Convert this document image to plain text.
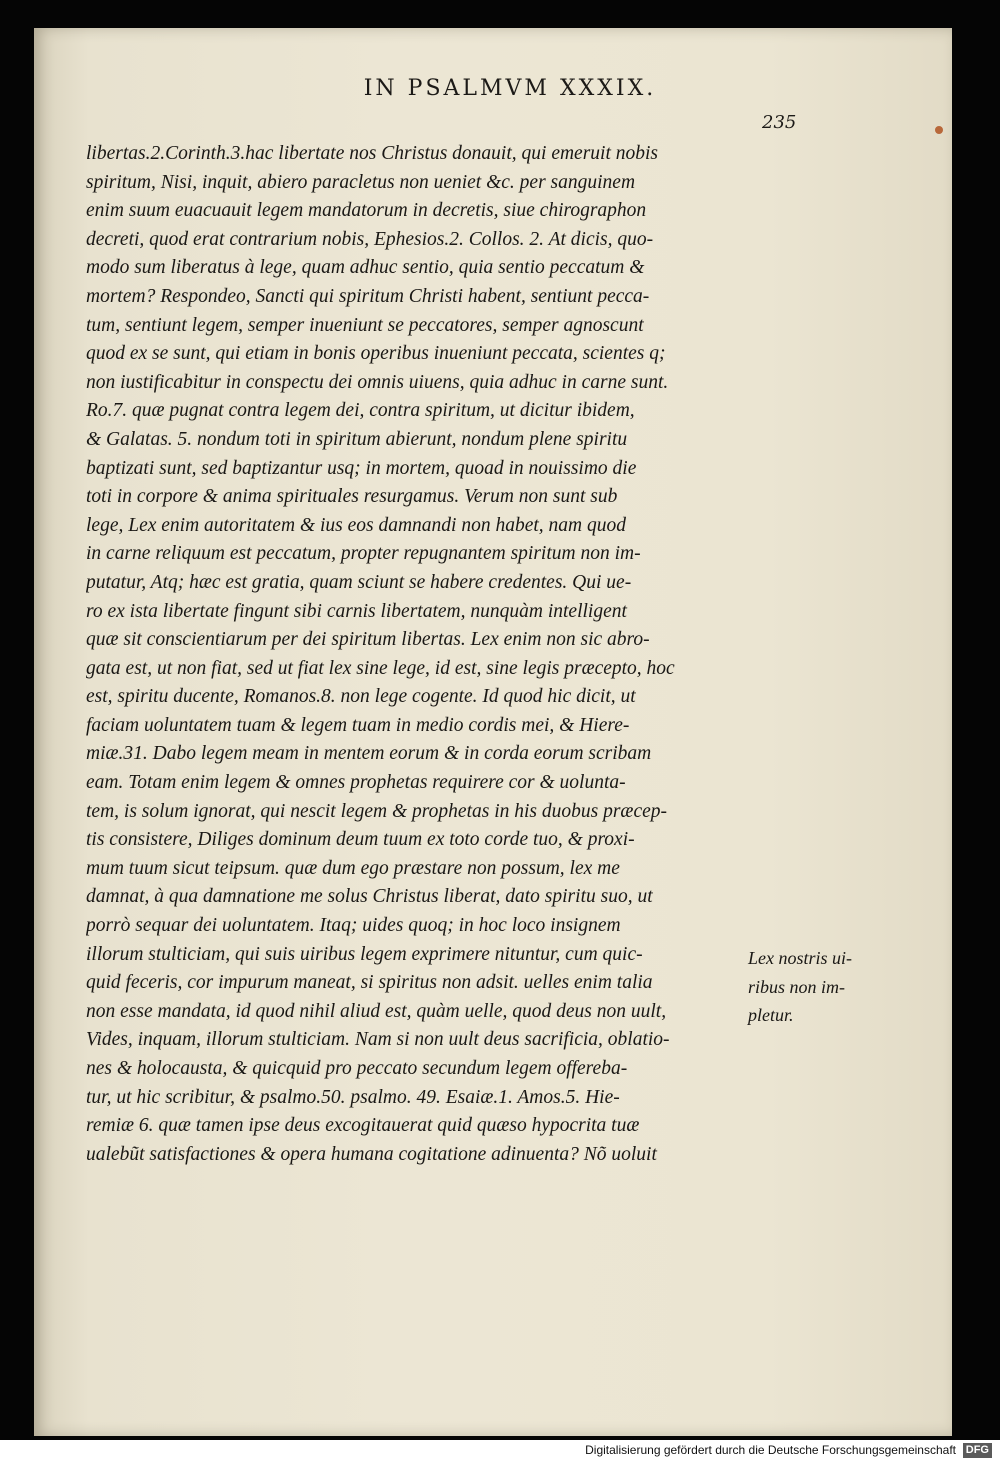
IN PSALMVM XXXIX.
235
libertas.2.Corinth.3.hac libertate nos Christus donauit, qui emeruit nobis
spiritum, Nisi, inquit, abiero paracletus non ueniet &c. per sanguinem
enim suum euacuauit legem mandatorum in decretis, siue chirographon
decreti, quod erat contrarium nobis, Ephesios.2. Collos. 2. At dicis, quo-
modo sum liberatus à lege, quam adhuc sentio, quia sentio peccatum &
mortem? Respondeo, Sancti qui spiritum Christi habent, sentiunt pecca-
tum, sentiunt legem, semper inueniunt se peccatores, semper agnoscunt
quod ex se sunt, qui etiam in bonis operibus inueniunt peccata, scientes q;
non iustificabitur in conspectu dei omnis uiuens, quia adhuc in carne sunt.
Ro.7. quæ pugnat contra legem dei, contra spiritum, ut dicitur ibidem,
& Galatas. 5. nondum toti in spiritum abierunt, nondum plene spiritu
baptizati sunt, sed baptizantur usq; in mortem, quoad in nouissimo die
toti in corpore & anima spirituales resurgamus. Verum non sunt sub
lege, Lex enim autoritatem & ius eos damnandi non habet, nam quod
in carne reliquum est peccatum, propter repugnantem spiritum non im-
putatur, Atq; hæc est gratia, quam sciunt se habere credentes. Qui ue-
ro ex ista libertate fingunt sibi carnis libertatem, nunquàm intelligent
quæ sit conscientiarum per dei spiritum libertas. Lex enim non sic abro-
gata est, ut non fiat, sed ut fiat lex sine lege, id est, sine legis præcepto, hoc
est, spiritu ducente, Romanos.8. non lege cogente. Id quod hic dicit, ut
faciam uoluntatem tuam & legem tuam in medio cordis mei, & Hiere-
miæ.31. Dabo legem meam in mentem eorum & in corda eorum scribam
eam. Totam enim legem & omnes prophetas requirere cor & uolunta-
tem, is solum ignorat, qui nescit legem & prophetas in his duobus præcep-
tis consistere, Diliges dominum deum tuum ex toto corde tuo, & proxi-
mum tuum sicut teipsum. quæ dum ego præstare non possum, lex me
damnat, à qua damnatione me solus Christus liberat, dato spiritu suo, ut
porrò sequar dei uoluntatem. Itaq; uides quoq; in hoc loco insignem
illorum stulticiam, qui suis uiribus legem exprimere nituntur, cum quic-
quid feceris, cor impurum maneat, si spiritus non adsit. uelles enim talia
non esse mandata, id quod nihil aliud est, quàm uelle, quod deus non uult,
Vides, inquam, illorum stulticiam. Nam si non uult deus sacrificia, oblatio-
nes & holocausta, & quicquid pro peccato secundum legem offereba-
tur, ut hic scribitur, & psalmo.50. psalmo. 49. Esaiæ.1. Amos.5. Hie-
remiæ 6. quæ tamen ipse deus excogitauerat quid quæso hypocrita tuæ
ualebũt satisfactiones & opera humana cogitatione adinuenta? Nõ uoluit
Lex nostris ui-
ribus non im-
pletur.
Digitalisierung gefördert durch die Deutsche Forschungsgemeinschaft DFG
